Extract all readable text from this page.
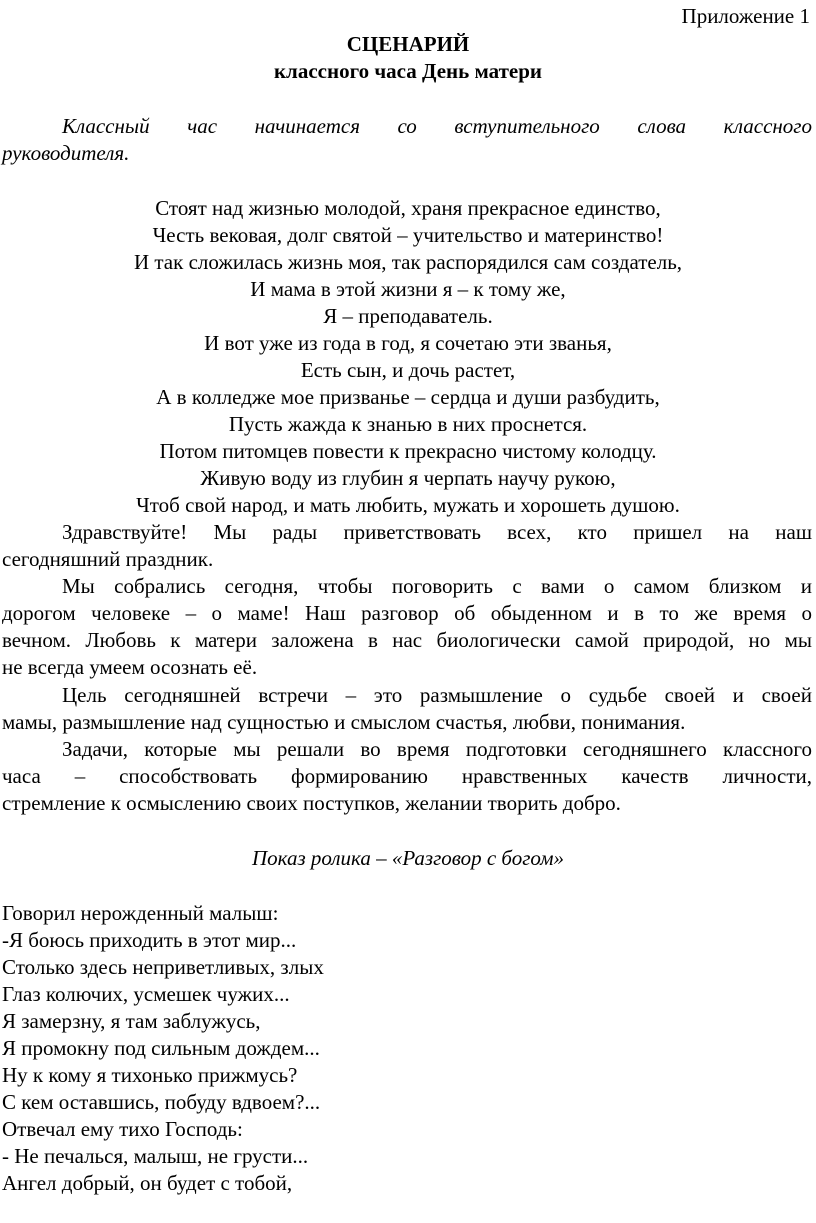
Приложение 1
СЦЕНАРИЙ
классного часа День матери
Классный час начинается со вступительного слова классного
руководителя.
Стоят над жизнью молодой, храня прекрасное единство,
Честь вековая, долг святой – учительство и материнство!
И так сложилась жизнь моя, так распорядился сам создатель,
И мама в этой жизни я – к тому же,
Я – преподаватель.
И вот уже из года в год, я сочетаю эти званья,
Есть сын, и дочь растет,
А в колледже мое призванье – сердца и души разбудить,
Пусть жажда к знанью в них проснется.
Потом питомцев повести к прекрасно чистому колодцу.
Живую воду из глубин я черпать научу рукою,
Чтоб свой народ, и мать любить, мужать и хорошеть душою.
Здравствуйте! Мы рады приветствовать всех, кто пришел на наш
сегодняшний праздник.
Мы собрались сегодня, чтобы поговорить с вами о самом близком и
дорогом человеке – о маме! Наш разговор об обыденном и в то же время о
вечном. Любовь к матери заложена в нас биологически самой природой, но мы
не всегда умеем осознать её.
Цель сегодняшней встречи – это размышление о судьбе своей и своей
мамы, размышление над сущностью и смыслом счастья, любви, понимания.
Задачи, которые мы решали во время подготовки сегодняшнего классного
часа – способствовать формированию нравственных качеств личности,
стремление к осмыслению своих поступков, желании творить добро.
Показ ролика – «Разговор с богом»
Говорил нерожденный малыш:
-Я боюсь приходить в этот мир...
Столько здесь неприветливых, злых
Глаз колючих, усмешек чужих...
Я замерзну, я там заблужусь,
Я промокну под сильным дождем...
Ну к кому я тихонько прижмусь?
С кем оставшись, побуду вдвоем?...
Отвечал ему тихо Господь:
- Не печалься, малыш, не грусти...
Ангел добрый, он будет с тобой,
